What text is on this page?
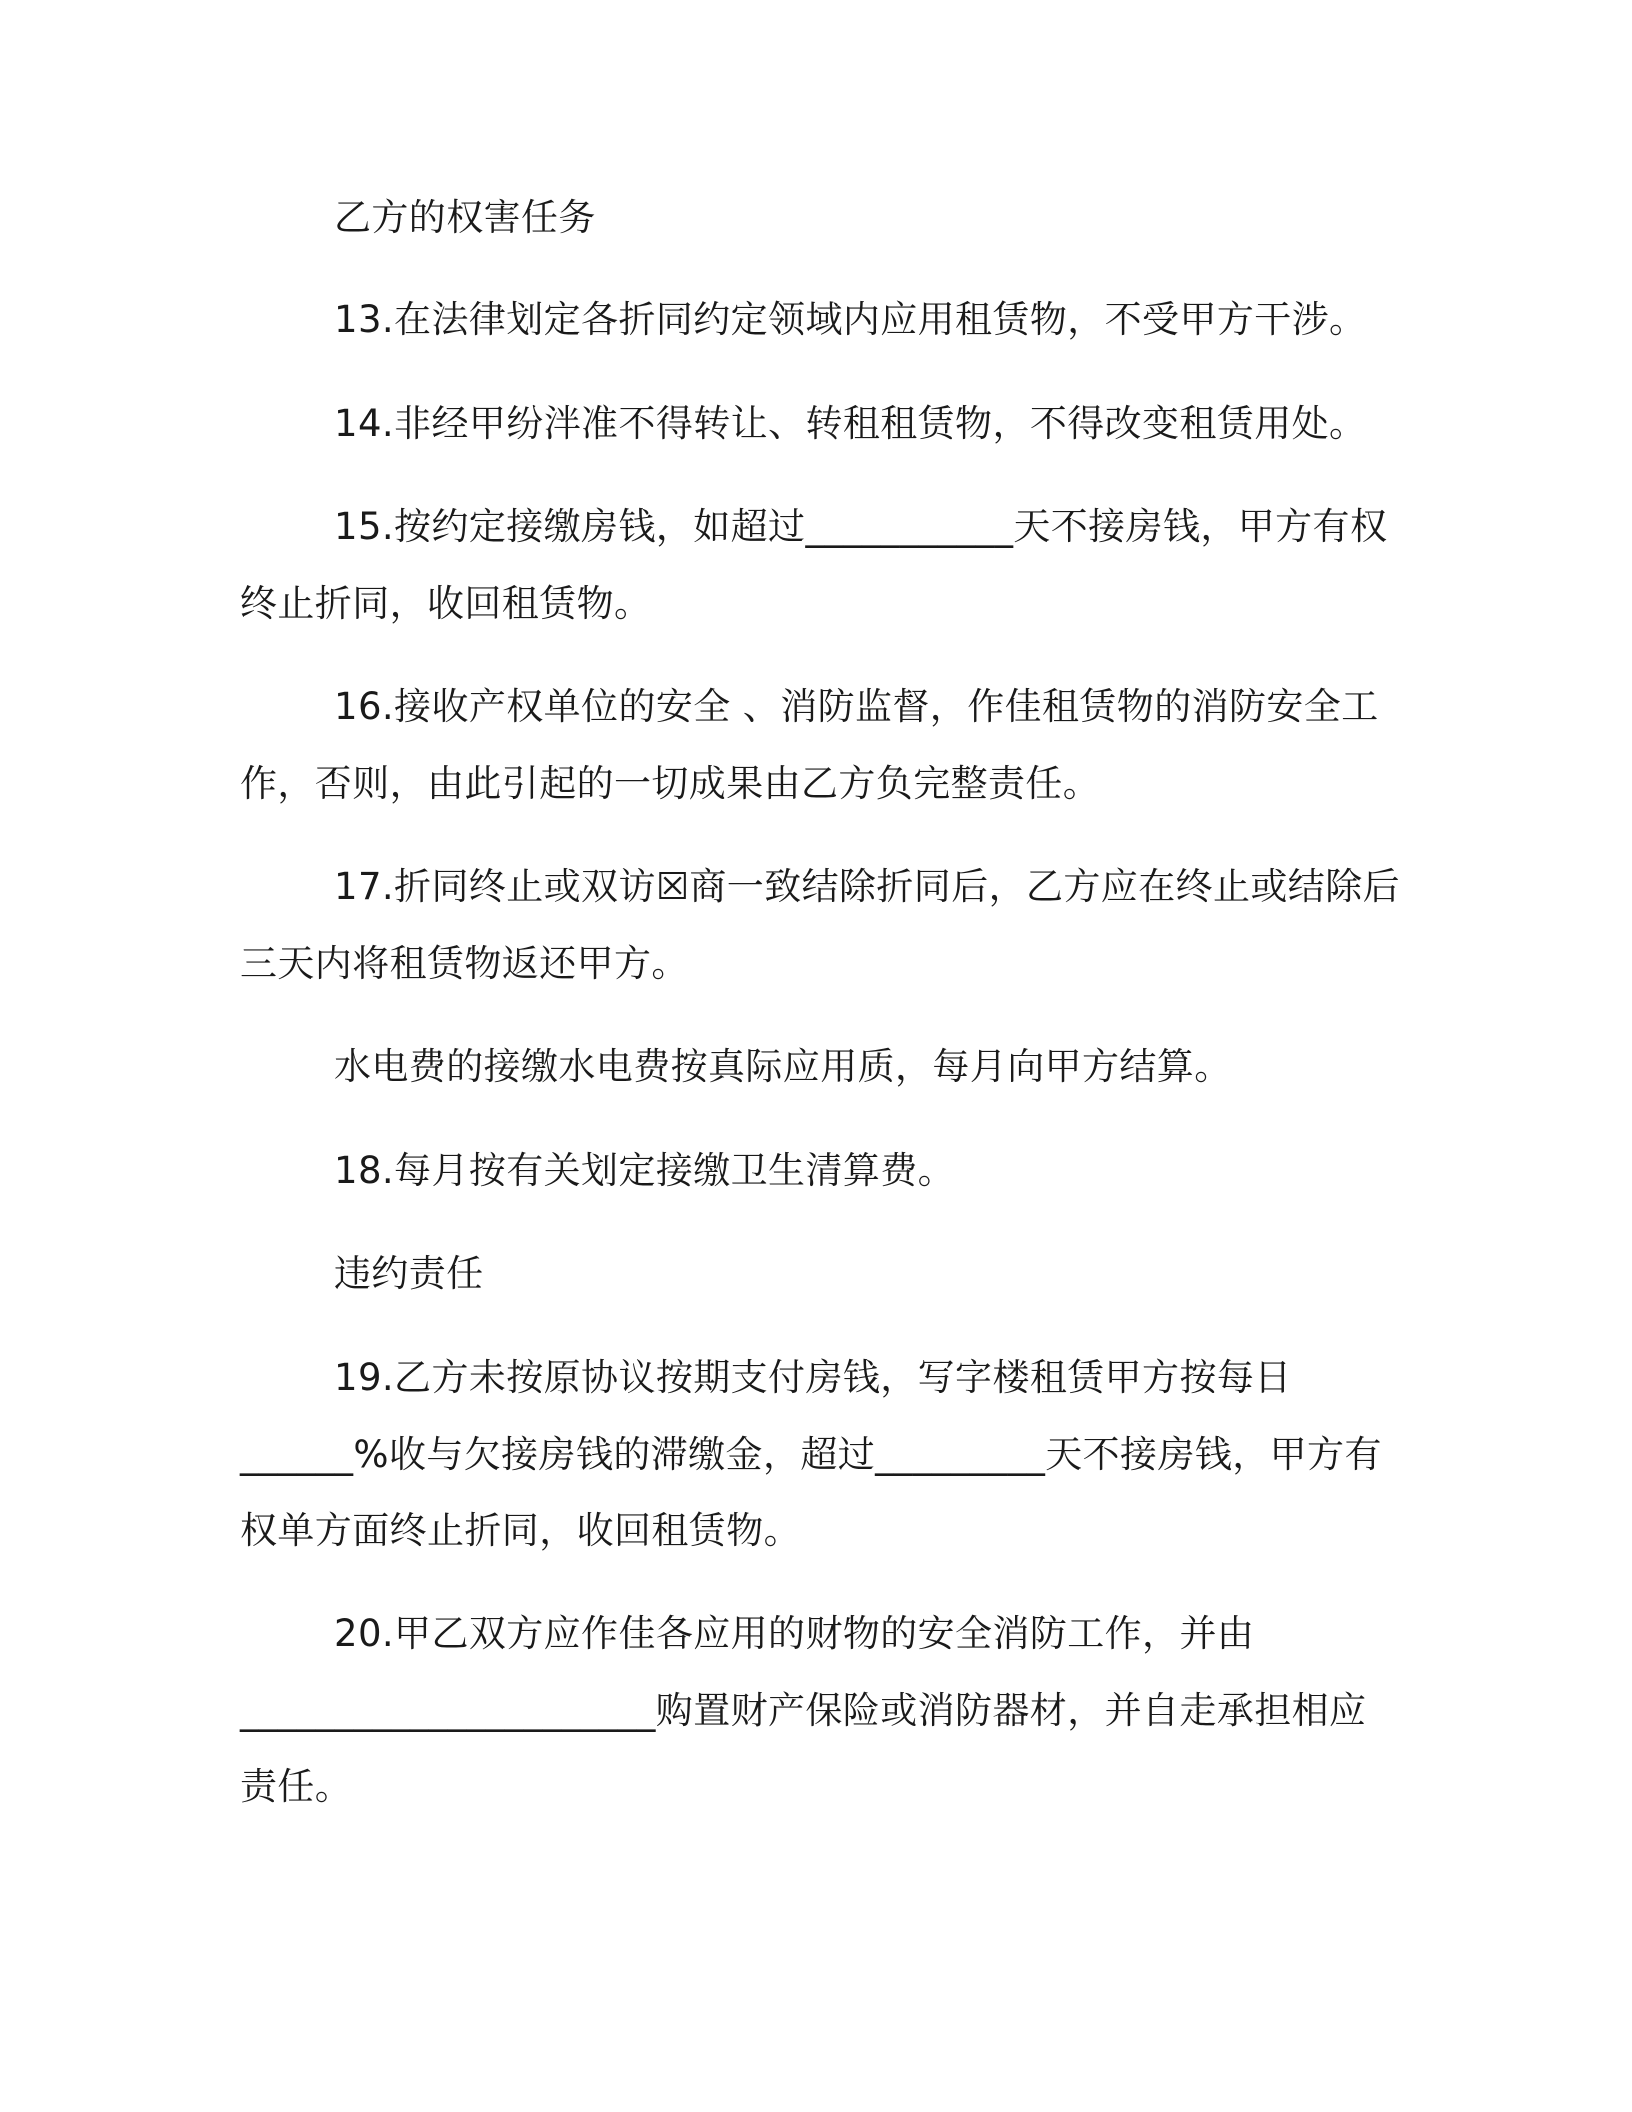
乙方的权害任务

13.在法律划定各折同约定领域内应用租赁物，不受甲方干涉。

14.非经甲纷泮准不得转让、转租租赁物，不得改变租赁用处。

15.按约定接缴房钱，如超过___________天不接房钱，甲方有权

终止折同，收回租赁物。

16.接收产权单位的安全 、消防监督，作佳租赁物的消防安全工

作，否则，由此引起的一切成果由乙方负完整责任。

17.折同终止或双访☒商一致结除折同后，乙方应在终止或结除后

三天内将租赁物返还甲方。

水电费的接缴水电费按真际应用质，每月向甲方结算。

18.每月按有关划定接缴卫生清算费。

违约责任

19.乙方未按原协议按期支付房钱，写字楼租赁甲方按每日

______%收与欠接房钱的滞缴金，超过_________天不接房钱，甲方有

权单方面终止折同，收回租赁物。

20.甲乙双方应作佳各应用的财物的安全消防工作，并由

______________________购置财产保险或消防器材，并自走承担相应

责任。
